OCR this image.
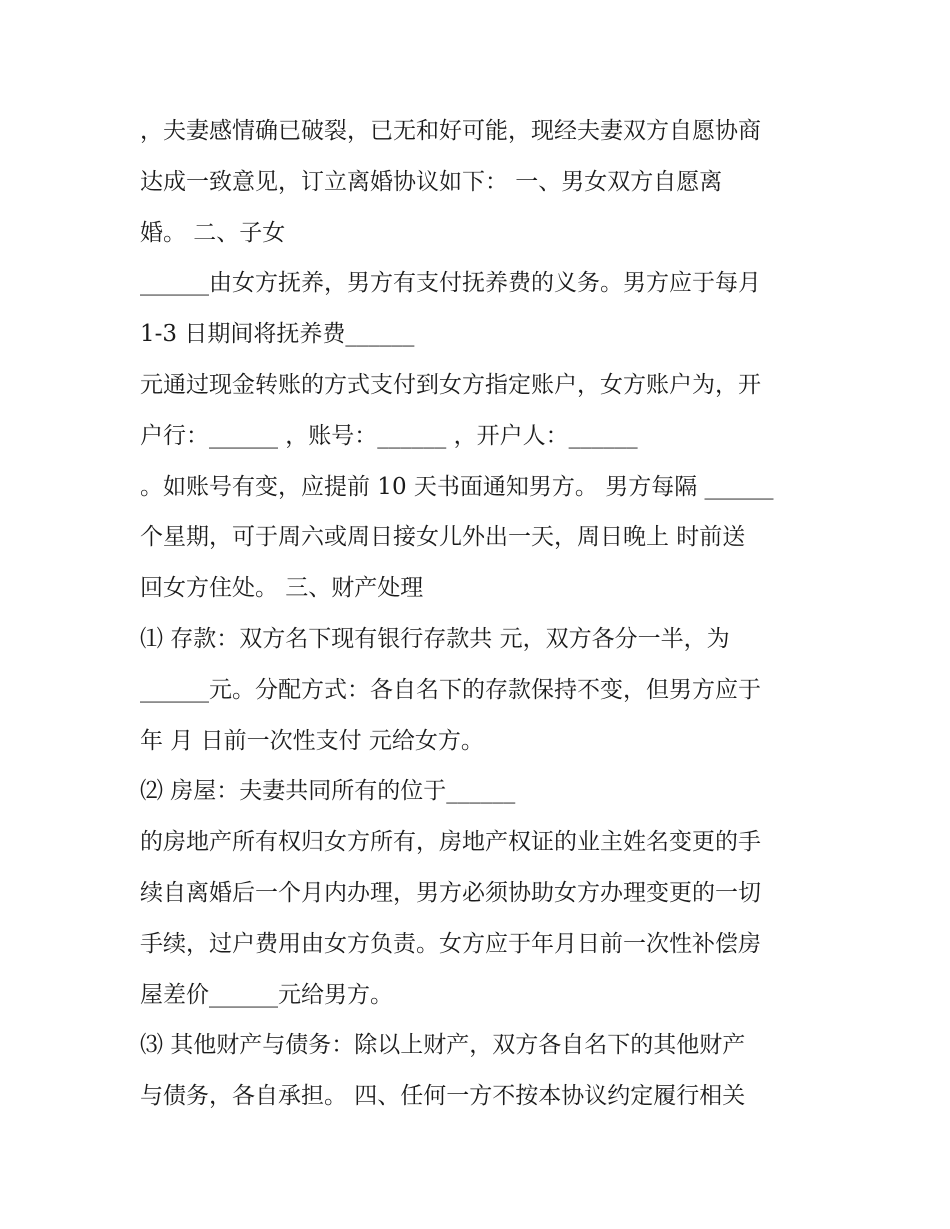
，夫妻感情确已破裂，已无和好可能，现经夫妻双方自愿协商
达成一致意见，订立离婚协议如下： 一、男女双方自愿离
婚。 二、子女
______由女方抚养，男方有支付抚养费的义务。男方应于每月
1-3 日期间将抚养费______
元通过现金转账的方式支付到女方指定账户，女方账户为，开
户行：______ ，账号：______ ，开户人：______
。如账号有变，应提前 10 天书面通知男方。 男方每隔 ______
个星期，可于周六或周日接女儿外出一天，周日晚上 时前送
回女方住处。 三、财产处理
⑴ 存款：双方名下现有银行存款共 元，双方各分一半，为
______元。分配方式：各自名下的存款保持不变，但男方应于
年 月 日前一次性支付 元给女方。
⑵ 房屋：夫妻共同所有的位于______
的房地产所有权归女方所有，房地产权证的业主姓名变更的手
续自离婚后一个月内办理，男方必须协助女方办理变更的一切
手续，过户费用由女方负责。女方应于年月日前一次性补偿房
屋差价______元给男方。
⑶ 其他财产与债务：除以上财产，双方各自名下的其他财产
与债务，各自承担。 四、任何一方不按本协议约定履行相关
